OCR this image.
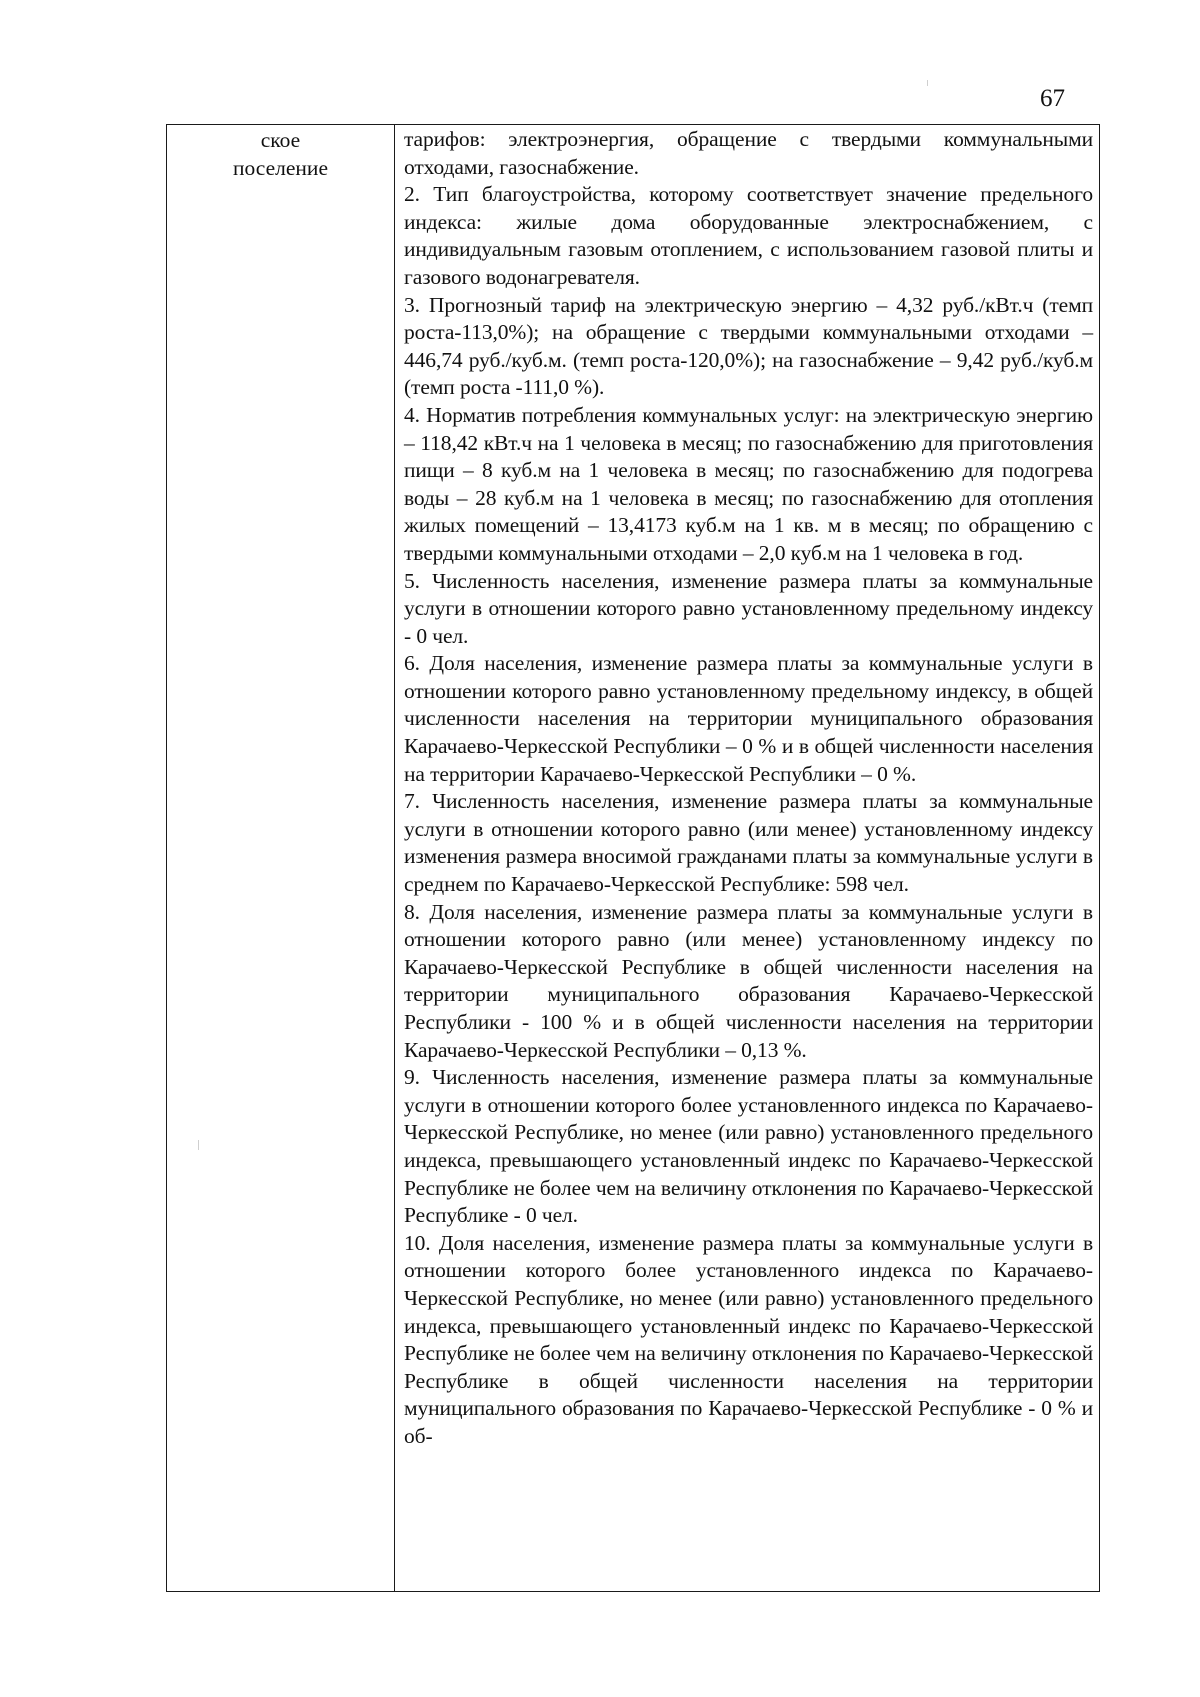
67
ское
поселение

тарифов: электроэнергия, обращение с твердыми коммунальными отходами, газоснабжение.

2. Тип благоустройства, которому соответствует значение предельного индекса: жилые дома оборудованные электроснабжением, с индивидуальным газовым отоплением, с использованием газовой плиты и газового водонагревателя.

3. Прогнозный тариф на электрическую энергию – 4,32 руб./кВт.ч (темп роста-113,0%); на обращение с твердыми коммунальными отходами – 446,74 руб./куб.м. (темп роста-120,0%); на газоснабжение – 9,42 руб./куб.м (темп роста -111,0 %).

4. Норматив потребления коммунальных услуг: на электрическую энергию – 118,42 кВт.ч на 1 человека в месяц; по газоснабжению для приготовления пищи – 8 куб.м на 1 человека в месяц; по газоснабжению для подогрева воды – 28 куб.м на 1 человека в месяц; по газоснабжению для отопления жилых помещений – 13,4173 куб.м на 1 кв. м в месяц; по обращению с твердыми коммунальными отходами – 2,0 куб.м на 1 человека в год.

5. Численность населения, изменение размера платы за коммунальные услуги в отношении которого равно установленному предельному индексу - 0 чел.

6. Доля населения, изменение размера платы за коммунальные услуги в отношении которого равно установленному предельному индексу, в общей численности населения на территории муниципального образования Карачаево-Черкесской Республики – 0 % и в общей численности населения на территории Карачаево-Черкесской Республики – 0 %.

7. Численность населения, изменение размера платы за коммунальные услуги в отношении которого равно (или менее) установленному индексу изменения размера вносимой гражданами платы за коммунальные услуги в среднем по Карачаево-Черкесской Республике: 598 чел.

8. Доля населения, изменение размера платы за коммунальные услуги в отношении которого равно (или менее) установленному индексу по Карачаево-Черкесской Республике в общей численности населения на территории муниципального образования Карачаево-Черкесской Республики - 100 % и в общей численности населения на территории Карачаево-Черкесской Республики – 0,13 %.

9. Численность населения, изменение размера платы за коммунальные услуги в отношении которого более установленного индекса по Карачаево-Черкесской Республике, но менее (или равно) установленного предельного индекса, превышающего установленный индекс по Карачаево-Черкесской Республике не более чем на величину отклонения по Карачаево-Черкесской Республике - 0 чел.

10. Доля населения, изменение размера платы за коммунальные услуги в отношении которого более установленного индекса по Карачаево-Черкесской Республике, но менее (или равно) установленного предельного индекса, превышающего установленный индекс по Карачаево-Черкесской Республике не более чем на величину отклонения по Карачаево-Черкесской Республике в общей численности населения на территории муниципального образования по Карачаево-Черкесской Республике - 0 % и об-
